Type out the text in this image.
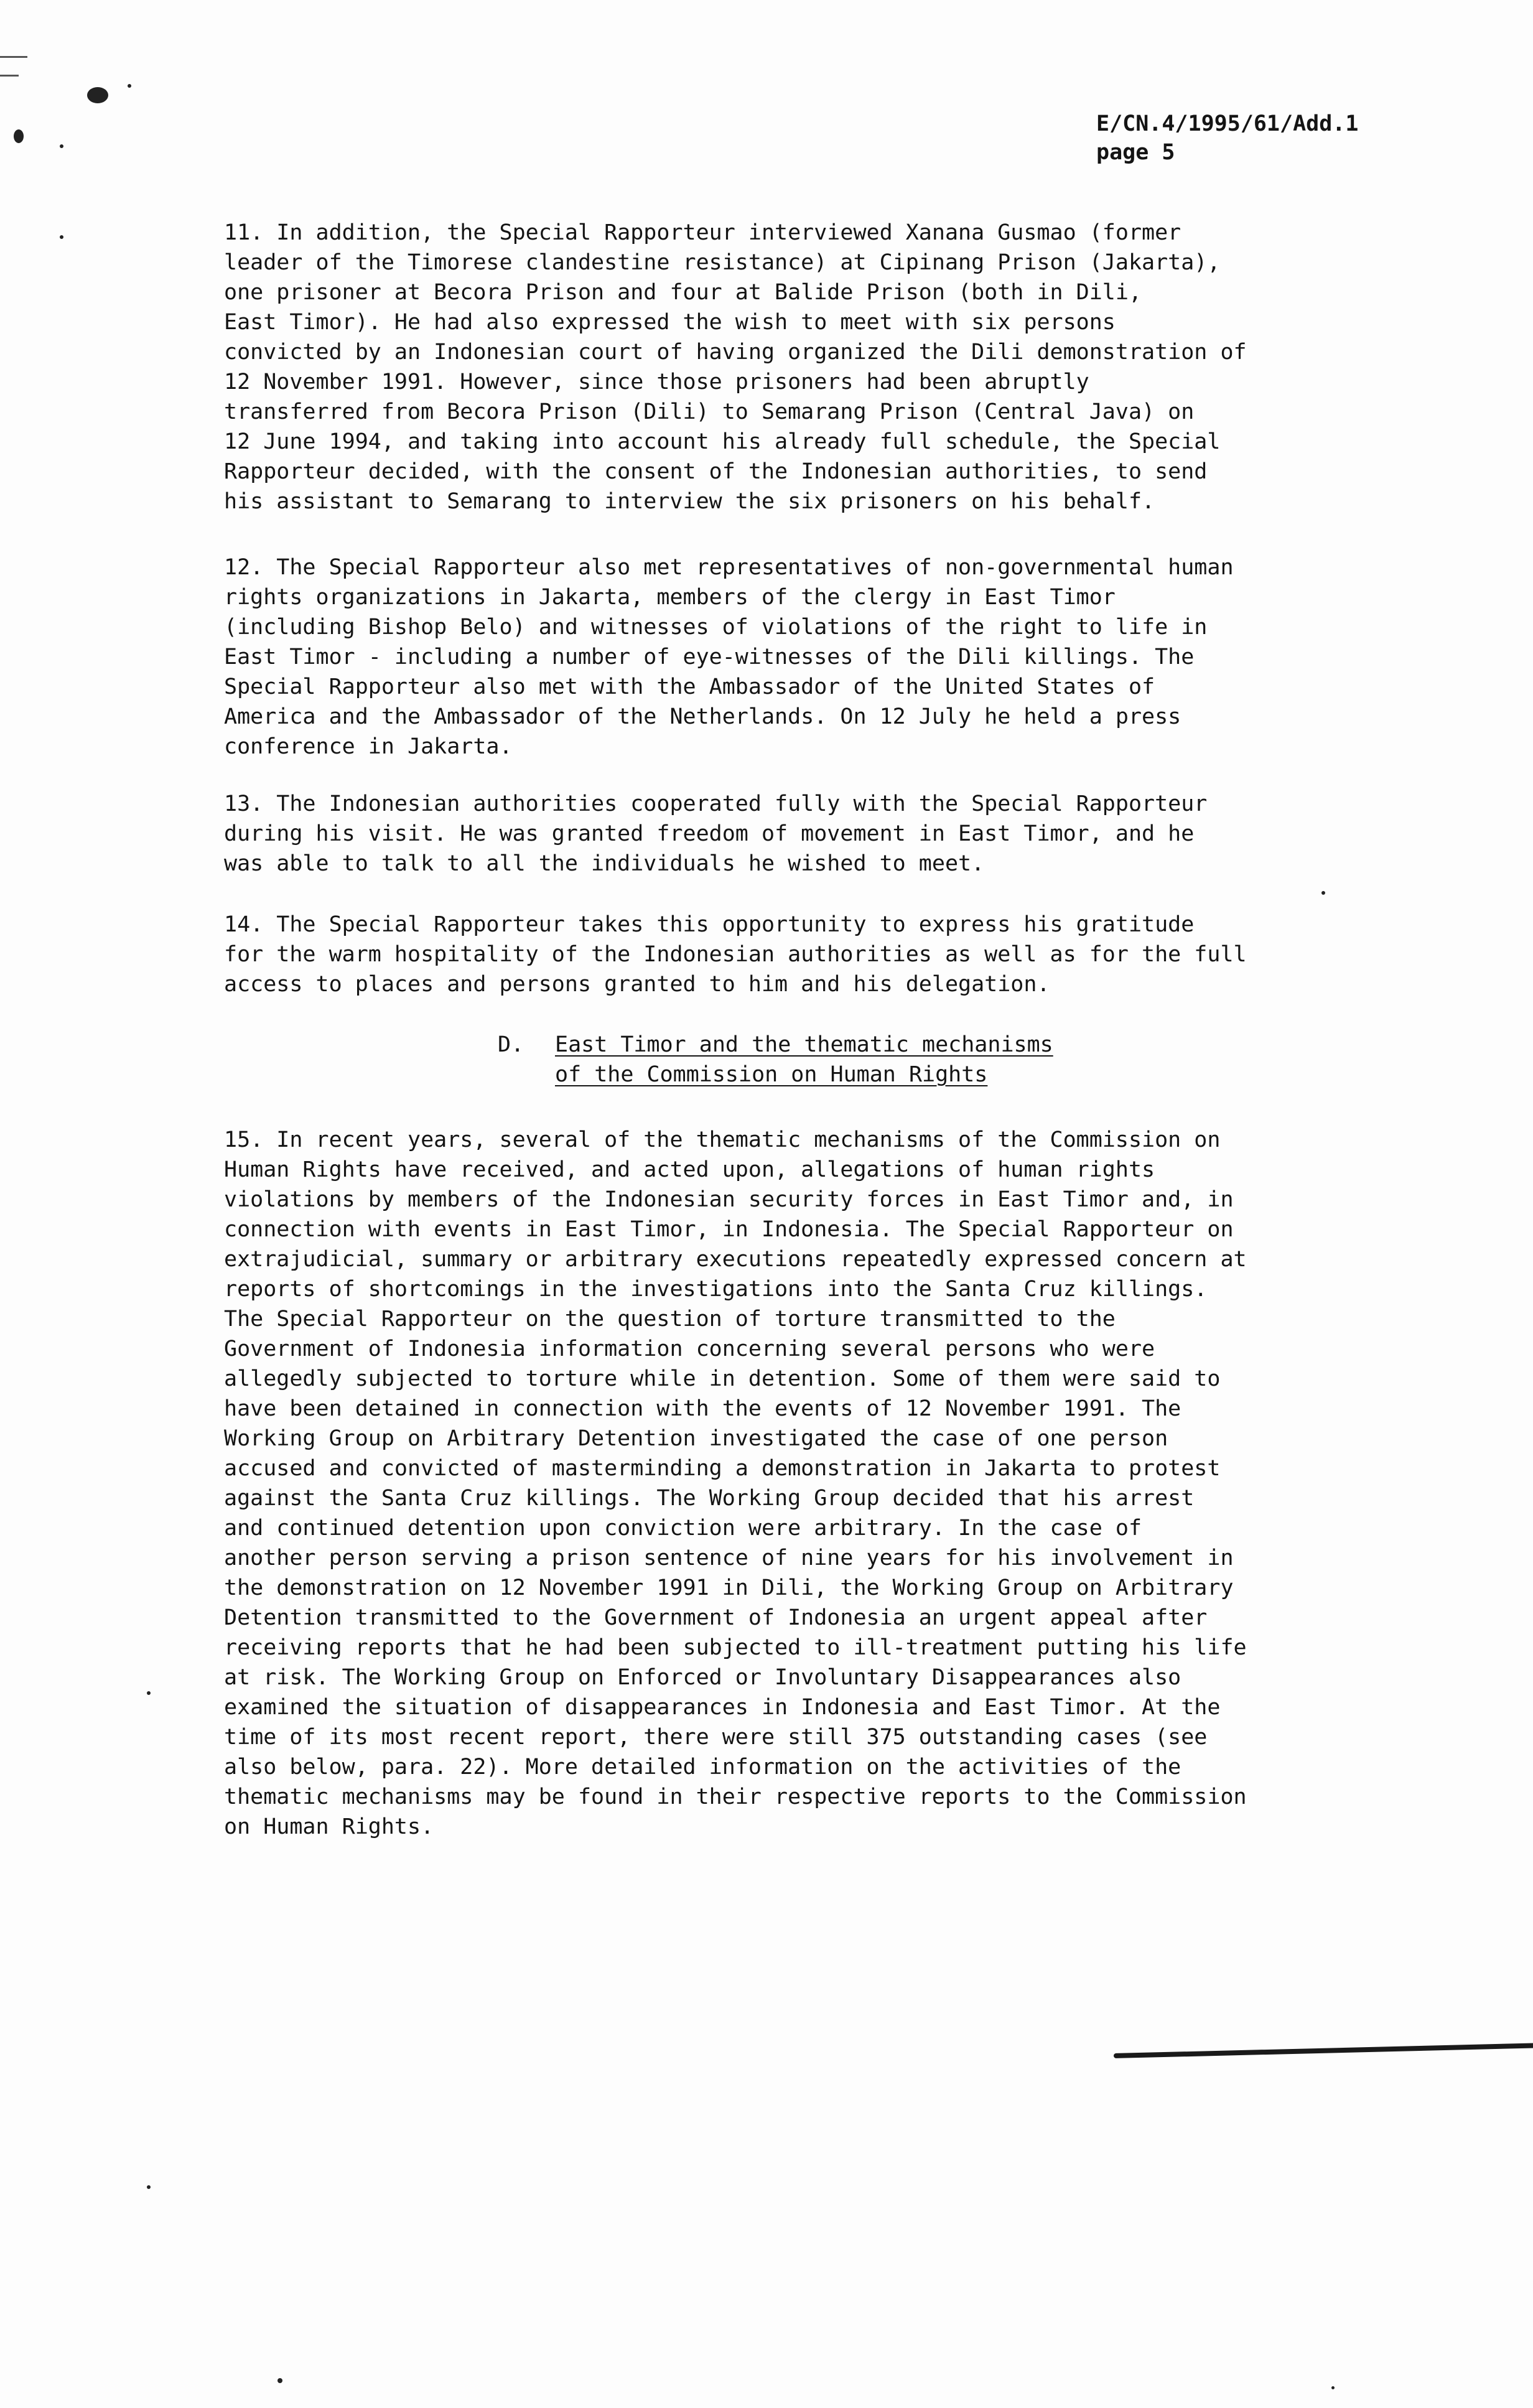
E/CN.4/1995/61/Add.1
page 5

11. In addition, the Special Rapporteur interviewed Xanana Gusmao (former
leader of the Timorese clandestine resistance) at Cipinang Prison (Jakarta),
one prisoner at Becora Prison and four at Balide Prison (both in Dili,
East Timor). He had also expressed the wish to meet with six persons
convicted by an Indonesian court of having organized the Dili demonstration of
12 November 1991. However, since those prisoners had been abruptly
transferred from Becora Prison (Dili) to Semarang Prison (Central Java) on
12 June 1994, and taking into account his already full schedule, the Special
Rapporteur decided, with the consent of the Indonesian authorities, to send
his assistant to Semarang to interview the six prisoners on his behalf.

12. The Special Rapporteur also met representatives of non-governmental human
rights organizations in Jakarta, members of the clergy in East Timor
(including Bishop Belo) and witnesses of violations of the right to life in
East Timor - including a number of eye-witnesses of the Dili killings. The
Special Rapporteur also met with the Ambassador of the United States of
America and the Ambassador of the Netherlands. On 12 July he held a press
conference in Jakarta.

13. The Indonesian authorities cooperated fully with the Special Rapporteur
during his visit. He was granted freedom of movement in East Timor, and he
was able to talk to all the individuals he wished to meet.

14. The Special Rapporteur takes this opportunity to express his gratitude
for the warm hospitality of the Indonesian authorities as well as for the full
access to places and persons granted to him and his delegation.

D. East Timor and the thematic mechanisms
of the Commission on Human Rights

15. In recent years, several of the thematic mechanisms of the Commission on
Human Rights have received, and acted upon, allegations of human rights
violations by members of the Indonesian security forces in East Timor and, in
connection with events in East Timor, in Indonesia. The Special Rapporteur on
extrajudicial, summary or arbitrary executions repeatedly expressed concern at
reports of shortcomings in the investigations into the Santa Cruz killings.
The Special Rapporteur on the question of torture transmitted to the
Government of Indonesia information concerning several persons who were
allegedly subjected to torture while in detention. Some of them were said to
have been detained in connection with the events of 12 November 1991. The
Working Group on Arbitrary Detention investigated the case of one person
accused and convicted of masterminding a demonstration in Jakarta to protest
against the Santa Cruz killings. The Working Group decided that his arrest
and continued detention upon conviction were arbitrary. In the case of
another person serving a prison sentence of nine years for his involvement in
the demonstration on 12 November 1991 in Dili, the Working Group on Arbitrary
Detention transmitted to the Government of Indonesia an urgent appeal after
receiving reports that he had been subjected to ill-treatment putting his life
at risk. The Working Group on Enforced or Involuntary Disappearances also
examined the situation of disappearances in Indonesia and East Timor. At the
time of its most recent report, there were still 375 outstanding cases (see
also below, para. 22). More detailed information on the activities of the
thematic mechanisms may be found in their respective reports to the Commission
on Human Rights.
